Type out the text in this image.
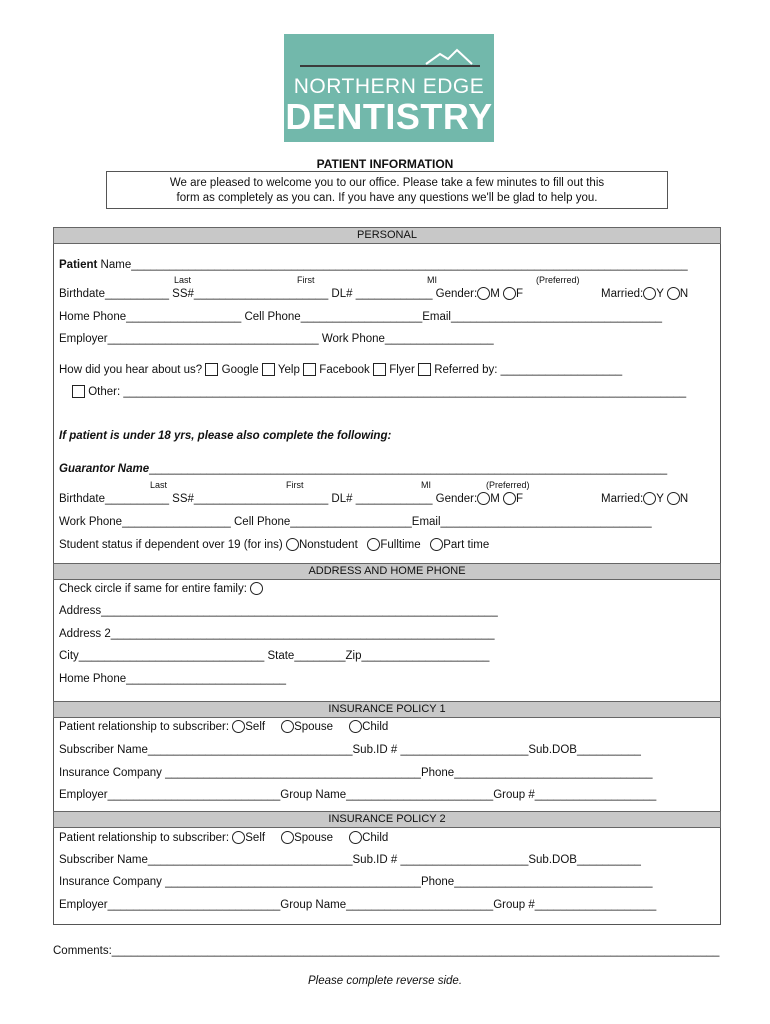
NORTHERN EDGE
DENTISTRY
PATIENT INFORMATION
We are pleased to welcome you to our office. Please take a few minutes to fill out this
form as completely as you can. If you have any questions we'll be glad to help you.
PERSONAL
Patient Name_______________________________________________________________________________________
Last	First	MI	(Preferred)
Birthdate__________ SS#_____________________ DL# ____________ Gender: M F	Married: Y N
Home Phone__________________ Cell Phone___________________Email_________________________________
Employer_________________________________ Work Phone_________________
How did you hear about us? Google Yelp Facebook Flyer Referred by: ___________________
Other: ________________________________________________________________________________________
If patient is under 18 yrs, please also complete the following:
Guarantor Name_________________________________________________________________________________
Last	First	MI	(Preferred)
Birthdate__________ SS#_____________________ DL# ____________ Gender: M F	Married: Y N
Work Phone_________________ Cell Phone___________________Email_________________________________
Student status if dependent over 19 (for ins) Nonstudent Fulltime Part time
ADDRESS AND HOME PHONE
Check circle if same for entire family:
Address______________________________________________________________
Address 2____________________________________________________________
City_____________________________ State________Zip____________________
Home Phone_________________________
INSURANCE POLICY 1
Patient relationship to subscriber: Self	Spouse	Child
Subscriber Name________________________________Sub.ID # ____________________Sub.DOB__________
Insurance Company ________________________________________Phone_______________________________
Employer___________________________Group Name_______________________Group #___________________
INSURANCE POLICY 2
Patient relationship to subscriber: Self	Spouse	Child
Subscriber Name________________________________Sub.ID # ____________________Sub.DOB__________
Insurance Company ________________________________________Phone_______________________________
Employer___________________________Group Name_______________________Group #___________________
Comments:_______________________________________________________________________________________________
Please complete reverse side.
